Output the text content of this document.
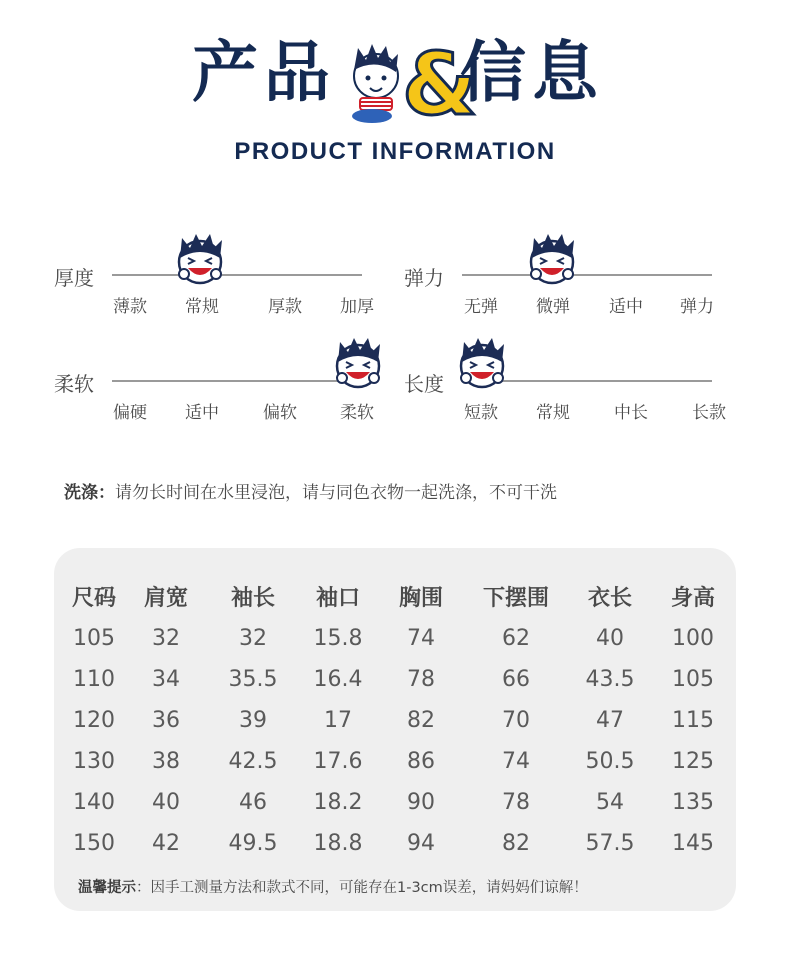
产品 &
信息
PRODUCT INFORMATION
厚度
薄款	常规	厚款	加厚
弹力
无弹	微弹	适中	弹力
柔软
偏硬	适中	偏软	柔软
长度
短款	常规	中长	长款
洗涤：请勿长时间在水里浸泡，请与同色衣物一起洗涤，不可干洗
尺码	肩宽	袖长	袖口	胸围	下摆围	衣长	身高
105	32	32	15.8	74	62	40	100
110	34	35.5	16.4	78	66	43.5	105
120	36	39	17	82	70	47	115
130	38	42.5	17.6	86	74	50.5	125
140	40	46	18.2	90	78	54	135
150	42	49.5	18.8	94	82	57.5	145
温馨提示：因手工测量方法和款式不同，可能存在1-3cm误差，请妈妈们谅解！
